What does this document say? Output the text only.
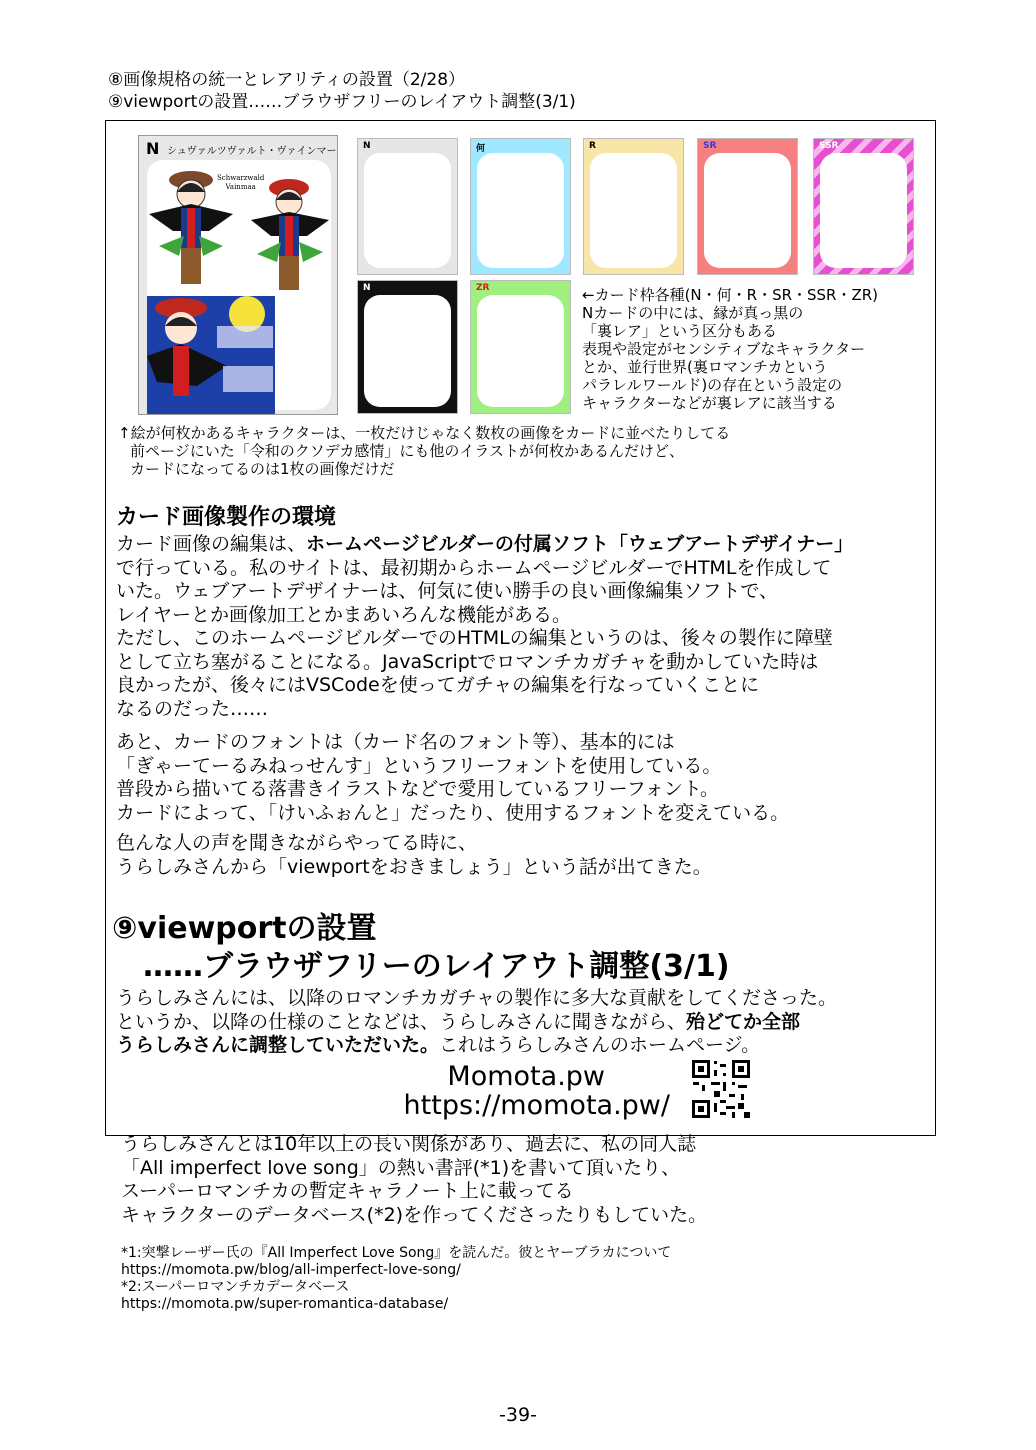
⑧画像規格の統一とレアリティの設置（2/28）
⑨viewportの設置……ブラウザフリーのレイアウト調整(3/1)
N シュヴァルツヴァルト・ヴァインマー
Schwarzwald
Vainmaa
N	何	R	SR	SSR
N	ZR	←カード枠各種(N・何・R・SR・SSR・ZR)
Nカードの中には、縁が真っ黒の
「裏レア」という区分もある
表現や設定がセンシティブなキャラクター
とか、並行世界(裏ロマンチカという
パラレルワールド)の存在という設定の
キャラクターなどが裏レアに該当する
↑絵が何枚かあるキャラクターは、一枚だけじゃなく数枚の画像をカードに並べたりしてる
前ページにいた「令和のクソデカ感情」にも他のイラストが何枚かあるんだけど、
カードになってるのは1枚の画像だけだ
カード画像製作の環境
カード画像の編集は、ホームページビルダーの付属ソフト「ウェブアートデザイナー」
で行っている。私のサイトは、最初期からホームページビルダーでHTMLを作成して
いた。ウェブアートデザイナーは、何気に使い勝手の良い画像編集ソフトで、
レイヤーとか画像加工とかまあいろんな機能がある。
ただし、このホームページビルダーでのHTMLの編集というのは、後々の製作に障壁
として立ち塞がることになる。JavaScriptでロマンチカガチャを動かしていた時は
良かったが、後々にはVSCodeを使ってガチャの編集を行なっていくことに
なるのだった……
あと、カードのフォントは（カード名のフォント等）、基本的には
「ぎゃーてーるみねっせんす」というフリーフォントを使用している。
普段から描いてる落書きイラストなどで愛用しているフリーフォント。
カードによって、「けいふぉんと」だったり、使用するフォントを変えている。
色んな人の声を聞きながらやってる時に、
うらしみさんから「viewportをおきましょう」という話が出てきた。
⑨viewportの設置
……ブラウザフリーのレイアウト調整(3/1)
うらしみさんには、以降のロマンチカガチャの製作に多大な貢献をしてくださった。
というか、以降の仕様のことなどは、うらしみさんに聞きながら、殆どてか全部
うらしみさんに調整していただいた。これはうらしみさんのホームページ。
Momota.pw
https://momota.pw/
うらしみさんとは10年以上の長い関係があり、過去に、私の同人誌
「All imperfect love song」の熱い書評(*1)を書いて頂いたり、
スーパーロマンチカの暫定キャラノート上に載ってる
キャラクターのデータベース(*2)を作ってくださったりもしていた。
*1:突撃レーザー氏の『All Imperfect Love Song』を読んだ。彼とヤーブラカについて
https://momota.pw/blog/all-imperfect-love-song/
*2:スーパーロマンチカデータベース
https://momota.pw/super-romantica-database/
-39-
